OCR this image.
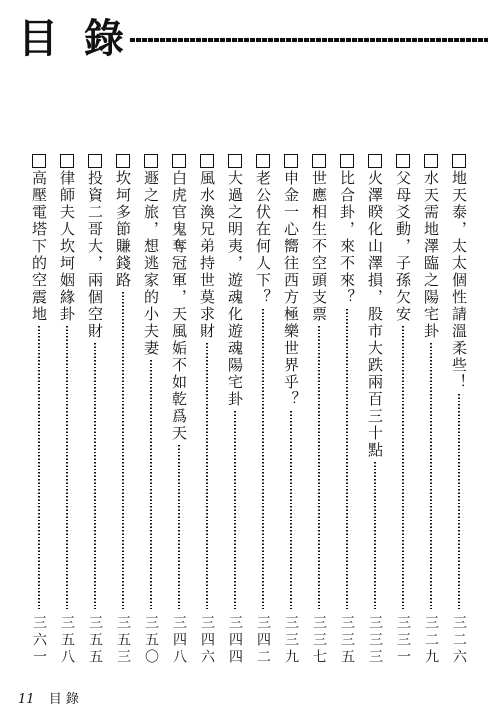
目 錄
地天泰，太太個性請溫柔些！
三二六
水天需地澤臨之陽宅卦
三二九
父母爻動，子孫欠安
三三一
火澤睽化山澤損，股市大跌兩百三十點
三三三
比合卦，來不來？
三三五
世應相生不空頭支票
三三七
申金一心嚮往西方極樂世界乎？
三三九
老公伏在何人下？
三四二
大過之明夷，遊魂化遊魂陽宅卦
三四四
風水渙兄弟持世莫求財
三四六
白虎官鬼奪冠軍，天風姤不如乾爲天
三四八
遯之旅，想逃家的小夫妻
三五〇
坎坷多節賺錢路
三五三
投資二哥大，兩個空財
三五五
律師夫人坎坷姻緣卦
三五八
高壓電塔下的空震地
三六一
11 目 錄
